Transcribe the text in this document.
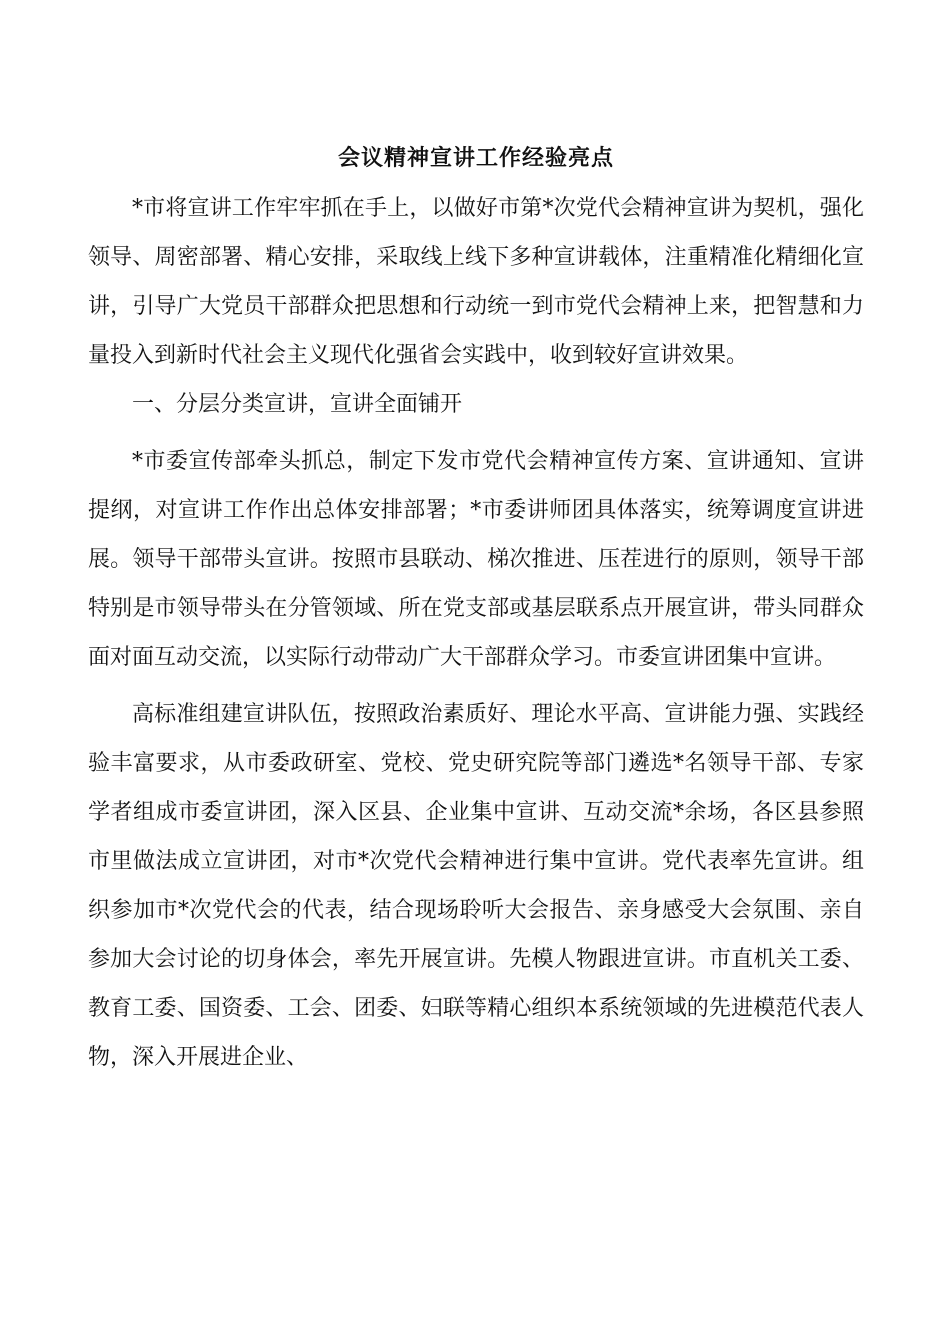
会议精神宣讲工作经验亮点

*市将宣讲工作牢牢抓在手上，以做好市第*次党代会精神宣讲为契机，强化领导、周密部署、精心安排，采取线上线下多种宣讲载体，注重精准化精细化宣讲，引导广大党员干部群众把思想和行动统一到市党代会精神上来，把智慧和力量投入到新时代社会主义现代化强省会实践中，收到较好宣讲效果。

一、分层分类宣讲，宣讲全面铺开

*市委宣传部牵头抓总，制定下发市党代会精神宣传方案、宣讲通知、宣讲提纲，对宣讲工作作出总体安排部署；*市委讲师团具体落实，统筹调度宣讲进展。领导干部带头宣讲。按照市县联动、梯次推进、压茬进行的原则，领导干部特别是市领导带头在分管领域、所在党支部或基层联系点开展宣讲，带头同群众面对面互动交流，以实际行动带动广大干部群众学习。市委宣讲团集中宣讲。

高标准组建宣讲队伍，按照政治素质好、理论水平高、宣讲能力强、实践经验丰富要求，从市委政研室、党校、党史研究院等部门遴选*名领导干部、专家学者组成市委宣讲团，深入区县、企业集中宣讲、互动交流*余场，各区县参照市里做法成立宣讲团，对市*次党代会精神进行集中宣讲。党代表率先宣讲。组织参加市*次党代会的代表，结合现场聆听大会报告、亲身感受大会氛围、亲自参加大会讨论的切身体会，率先开展宣讲。先模人物跟进宣讲。市直机关工委、教育工委、国资委、工会、团委、妇联等精心组织本系统领域的先进模范代表人物，深入开展进企业、
